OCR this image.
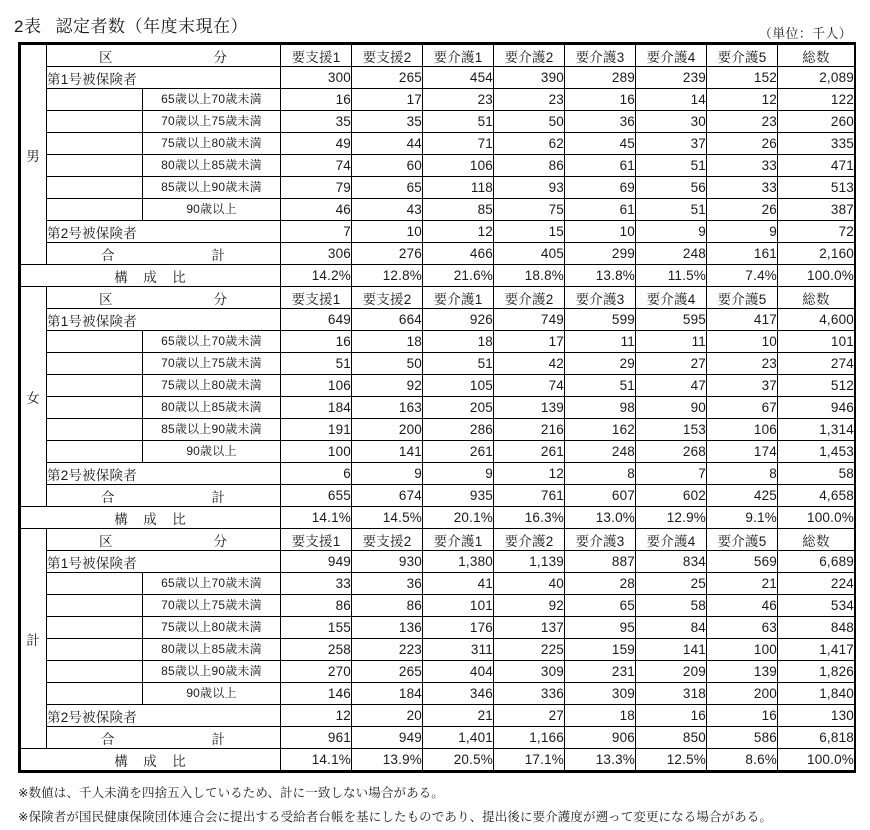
2表 認定者数（年度末現在）	（単位：千人）
男	区 分	要支援1	要支援2	要介護1	要介護2	要介護3	要介護4	要介護5	総数
	第1号被保険者	300	265	454	390	289	239	152	2,089

	65歳以上70歳未満	16	17	23	23	16	14	12	122

	70歳以上75歳未満	35	35	51	50	36	30	23	260

	75歳以上80歳未満	49	44	71	62	45	37	26	335

	80歳以上85歳未満	74	60	106	86	61	51	33	471

	85歳以上90歳未満	79	65	118	93	69	56	33	513

	90歳以上	46	43	85	75	61	51	26	387
	第2号被保険者	7	10	12	15	10	9	9	72

	合 計	306	276	466	405	299	248	161	2,160
構　成　比		14.2%	12.8%	21.6%	18.8%	13.8%	11.5%	7.4%	100.0%
女	区 分	要支援1	要支援2	要介護1	要介護2	要介護3	要介護4	要介護5	総数
	第1号被保険者	649	664	926	749	599	595	417	4,600

	65歳以上70歳未満	16	18	18	17	11	11	10	101

	70歳以上75歳未満	51	50	51	42	29	27	23	274

	75歳以上80歳未満	106	92	105	74	51	47	37	512

	80歳以上85歳未満	184	163	205	139	98	90	67	946

	85歳以上90歳未満	191	200	286	216	162	153	106	1,314

	90歳以上	100	141	261	261	248	268	174	1,453
	第2号被保険者	6	9	9	12	8	7	8	58

	合 計	655	674	935	761	607	602	425	4,658
構　成　比		14.1%	14.5%	20.1%	16.3%	13.0%	12.9%	9.1%	100.0%
計	区 分	要支援1	要支援2	要介護1	要介護2	要介護3	要介護4	要介護5	総数
	第1号被保険者	949	930	1,380	1,139	887	834	569	6,689

	65歳以上70歳未満	33	36	41	40	28	25	21	224

	70歳以上75歳未満	86	86	101	92	65	58	46	534

	75歳以上80歳未満	155	136	176	137	95	84	63	848

	80歳以上85歳未満	258	223	311	225	159	141	100	1,417

	85歳以上90歳未満	270	265	404	309	231	209	139	1,826

	90歳以上	146	184	346	336	309	318	200	1,840
	第2号被保険者	12	20	21	27	18	16	16	130

	合 計	961	949	1,401	1,166	906	850	586	6,818
構　成　比		14.1%	13.9%	20.5%	17.1%	13.3%	12.5%	8.6%	100.0%
※数値は、千人未満を四捨五入しているため、計に一致しない場合がある。
※保険者が国民健康保険団体連合会に提出する受給者台帳を基にしたものであり、提出後に要介護度が遡って変更になる場合がある。
